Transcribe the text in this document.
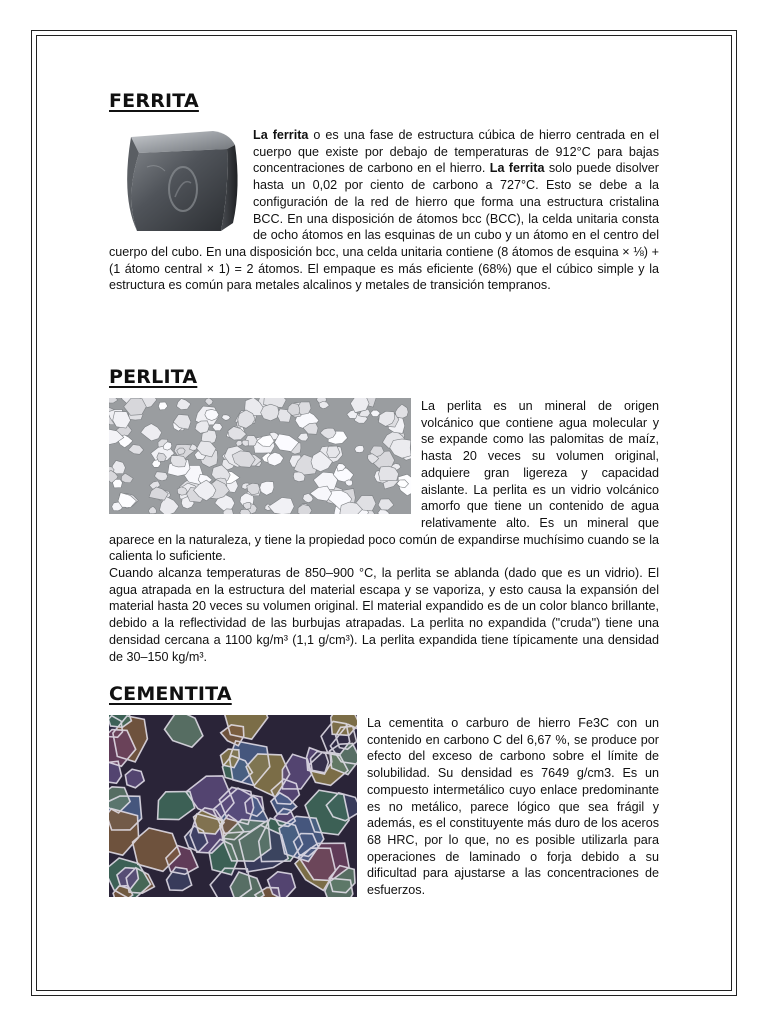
FERRITA
La ferrita o es una fase de estructura cúbica de hierro centrada en el cuerpo que existe por debajo de temperaturas de 912°C para bajas concentraciones de carbono en el hierro. La ferrita solo puede disolver hasta un 0,02 por ciento de carbono a 727°C. Esto se debe a la configuración de la red de hierro que forma una estructura cristalina BCC. En una disposición de átomos bcc (BCC), la celda unitaria consta de ocho átomos en las esquinas de un cubo y un átomo en el centro del cuerpo del cubo. En una disposición bcc, una celda unitaria contiene (8 átomos de esquina × ⅛) + (1 átomo central × 1) = 2 átomos. El empaque es más eficiente (68%) que el cúbico simple y la estructura es común para metales alcalinos y metales de transición tempranos.
PERLITA
La perlita es un mineral de origen volcánico que contiene agua molecular y se expande como las palomitas de maíz, hasta 20 veces su volumen original, adquiere gran ligereza y capacidad aislante. La perlita es un vidrio volcánico amorfo que tiene un contenido de agua relativamente alto. Es un mineral que aparece en la naturaleza, y tiene la propiedad poco común de expandirse muchísimo cuando se la calienta lo suficiente.
Cuando alcanza temperaturas de 850–900 °C, la perlita se ablanda (dado que es un vidrio). El agua atrapada en la estructura del material escapa y se vaporiza, y esto causa la expansión del material hasta 20 veces su volumen original. El material expandido es de un color blanco brillante, debido a la reflectividad de las burbujas atrapadas. La perlita no expandida ("cruda") tiene una densidad cercana a 1100 kg/m³ (1,1 g/cm³). La perlita expandida tiene típicamente una densidad de 30–150 kg/m³.
CEMENTITA
La cementita o carburo de hierro Fe3C con un contenido en carbono C del 6,67 %, se produce por efecto del exceso de carbono sobre el límite de solubilidad. Su densidad es 7649 g/cm3. Es un compuesto intermetálico cuyo enlace predominante es no metálico, parece lógico que sea frágil y además, es el constituyente más duro de los aceros 68 HRC, por lo que, no es posible utilizarla para operaciones de laminado o forja debido a su dificultad para ajustarse a las concentraciones de esfuerzos.
